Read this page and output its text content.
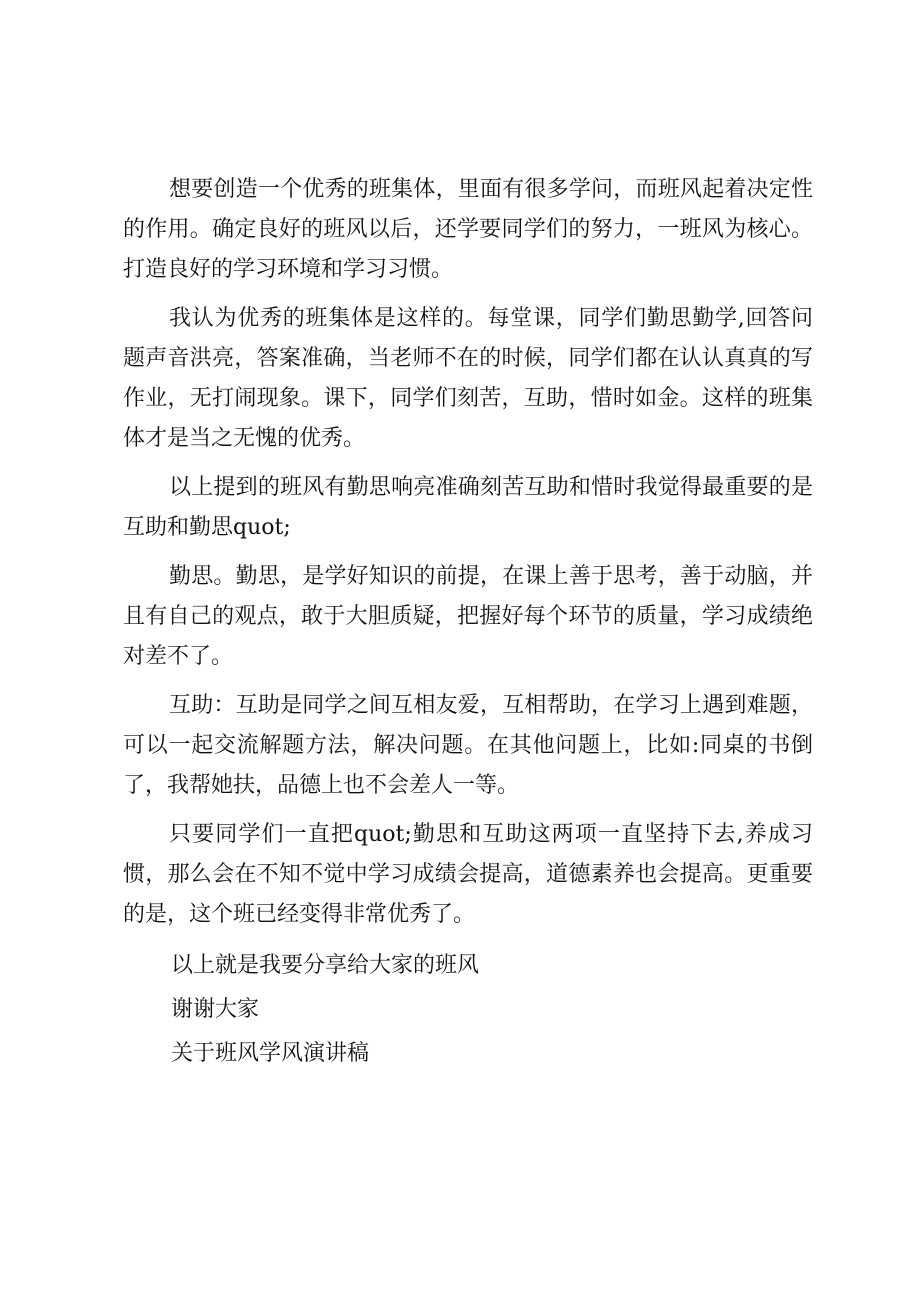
想要创造一个优秀的班集体，里面有很多学问，而班风起着决定性的作用。确定良好的班风以后，还学要同学们的努力，一班风为核心。打造良好的学习环境和学习习惯。

我认为优秀的班集体是这样的。每堂课，同学们勤思勤学,回答问题声音洪亮，答案准确，当老师不在的时候，同学们都在认认真真的写作业，无打闹现象。课下，同学们刻苦，互助，惜时如金。这样的班集体才是当之无愧的优秀。

以上提到的班风有勤思响亮准确刻苦互助和惜时我觉得最重要的是互助和勤思quot;

勤思。勤思，是学好知识的前提，在课上善于思考，善于动脑，并且有自己的观点，敢于大胆质疑，把握好每个环节的质量，学习成绩绝对差不了。

互助：互助是同学之间互相友爱，互相帮助，在学习上遇到难题，可以一起交流解题方法，解决问题。在其他问题上，比如:同桌的书倒了，我帮她扶，品德上也不会差人一等。

只要同学们一直把quot;勤思和互助这两项一直坚持下去,养成习惯，那么会在不知不觉中学习成绩会提高，道德素养也会提高。更重要的是，这个班已经变得非常优秀了。

以上就是我要分享给大家的班风

谢谢大家

关于班风学风演讲稿
